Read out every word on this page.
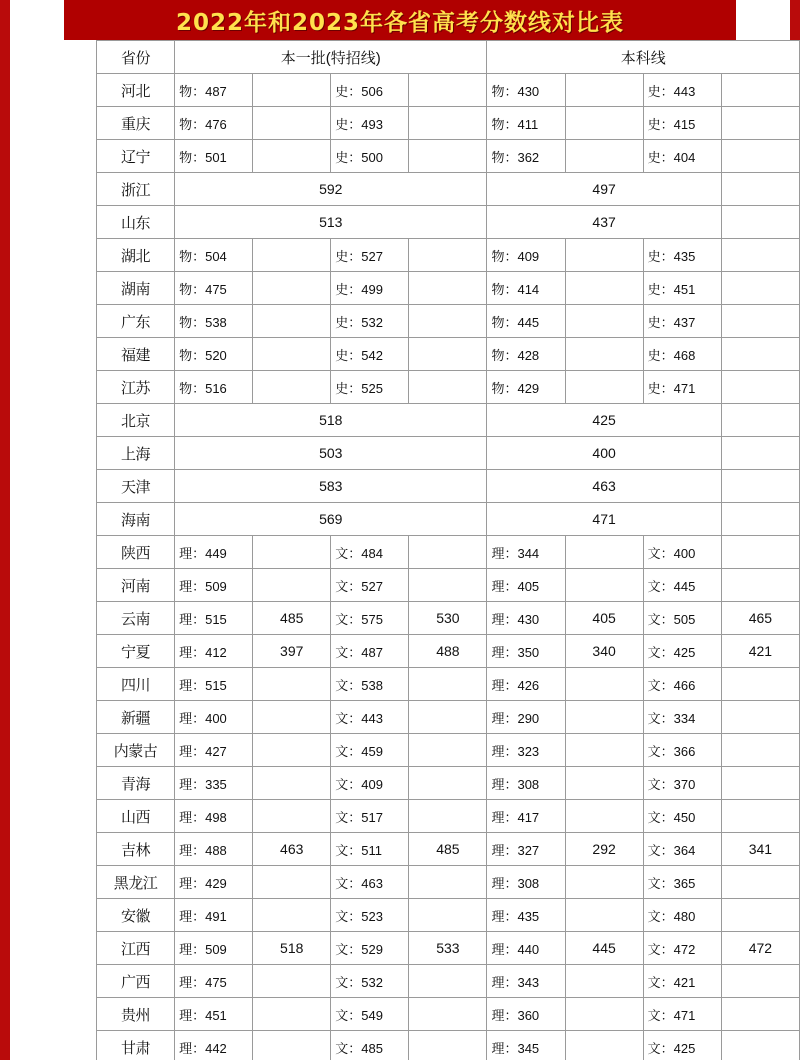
2022年和2023年各省高考分数线对比表
省份	本一批(特招线)				本科线			
河北	物：487		史：506		物：430		史：443	
重庆	物：476		史：493		物：411		史：415	
辽宁	物：501		史：500		物：362		史：404	
浙江	592				497			
山东	513				437			
湖北	物：504		史：527		物：409		史：435	
湖南	物：475		史：499		物：414		史：451	
广东	物：538		史：532		物：445		史：437	
福建	物：520		史：542		物：428		史：468	
江苏	物：516		史：525		物：429		史：471	
北京	518				425			
上海	503				400			
天津	583				463			
海南	569				471			
陕西	理：449		文：484		理：344		文：400	
河南	理：509		文：527		理：405		文：445	
云南	理：515	485	文：575	530	理：430	405	文：505	465
宁夏	理：412	397	文：487	488	理：350	340	文：425	421
四川	理：515		文：538		理：426		文：466	
新疆	理：400		文：443		理：290		文：334	
内蒙古	理：427		文：459		理：323		文：366	
青海	理：335		文：409		理：308		文：370	
山西	理：498		文：517		理：417		文：450	
吉林	理：488	463	文：511	485	理：327	292	文：364	341
黑龙江	理：429		文：463		理：308		文：365	
安徽	理：491		文：523		理：435		文：480	
江西	理：509	518	文：529	533	理：440	445	文：472	472
广西	理：475		文：532		理：343		文：421	
贵州	理：451		文：549		理：360		文：471	
甘肃	理：442		文：485		理：345		文：425	
